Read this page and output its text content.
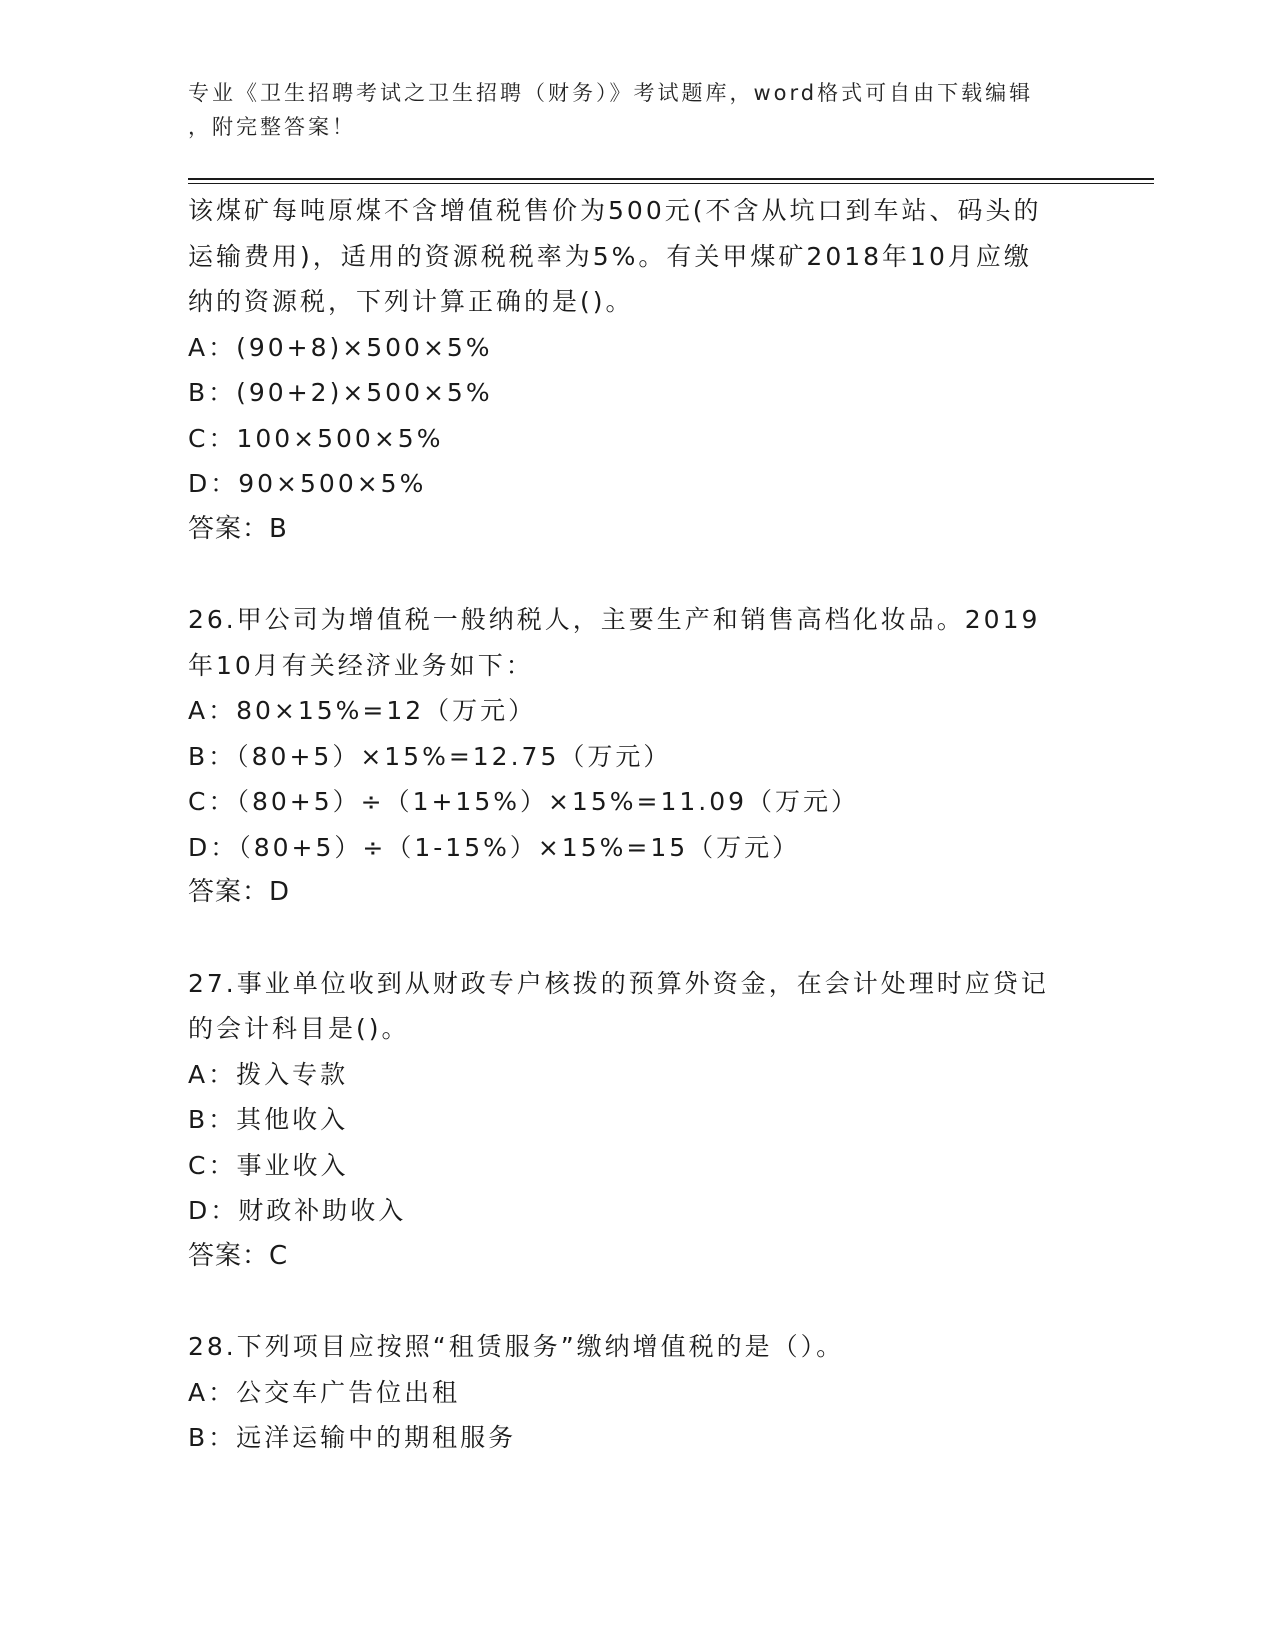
专业《卫生招聘考试之卫生招聘（财务）》考试题库，word格式可自由下载编辑
，附完整答案！
该煤矿每吨原煤不含增值税售价为500元(不含从坑口到车站、码头的
运输费用)，适用的资源税税率为5%。有关甲煤矿2018年10月应缴
纳的资源税，下列计算正确的是()。
A：(90+8)×500×5%
B：(90+2)×500×5%
C：100×500×5%
D：90×500×5%
答案：B
26.甲公司为增值税一般纳税人，主要生产和销售高档化妆品。2019
年10月有关经济业务如下：
A：80×15%=12（万元）
B：（80+5）×15%=12.75（万元）
C：（80+5）÷（1+15%）×15%=11.09（万元）
D：（80+5）÷（1-15%）×15%=15（万元）
答案：D
27.事业单位收到从财政专户核拨的预算外资金，在会计处理时应贷记
的会计科目是()。
A：拨入专款
B：其他收入
C：事业收入
D：财政补助收入
答案：C
28.下列项目应按照“租赁服务”缴纳增值税的是（）。
A：公交车广告位出租
B：远洋运输中的期租服务
